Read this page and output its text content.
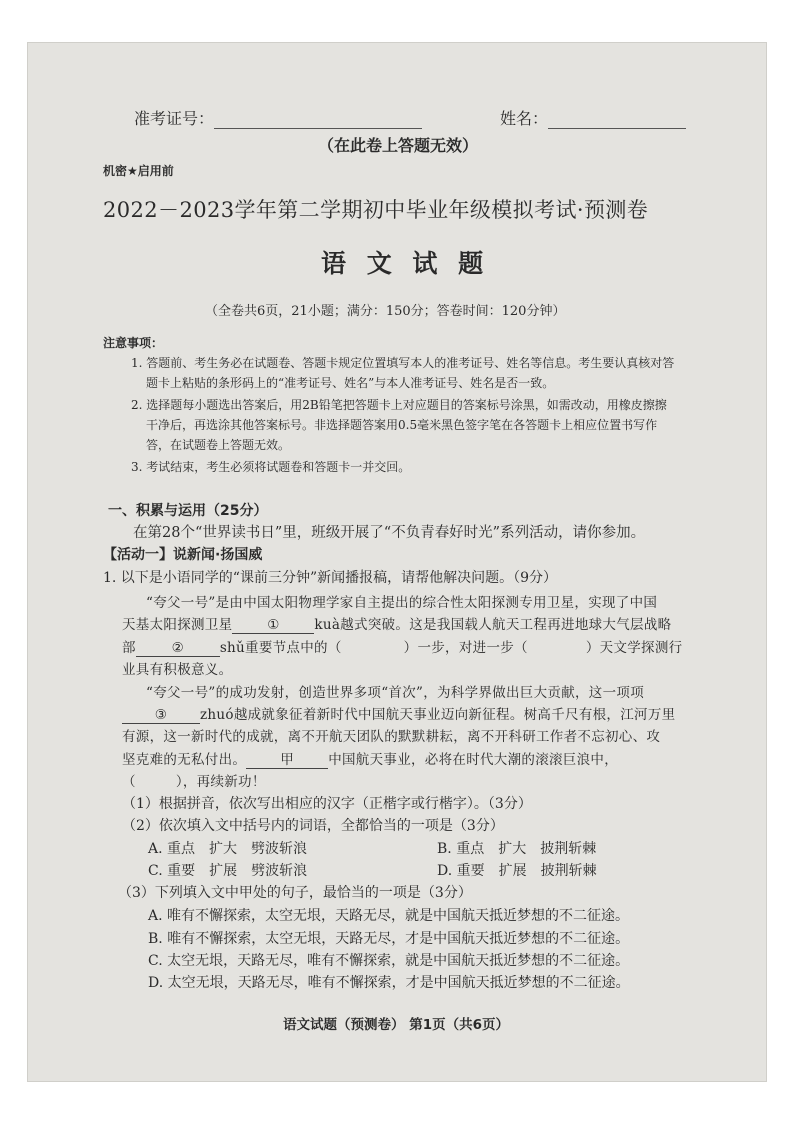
准考证号：	姓名：
（在此卷上答题无效）
机密★启用前
2022－2023学年第二学期初中毕业年级模拟考试·预测卷
语 文 试 题
（全卷共6页，21小题；满分：150分；答卷时间：120分钟）
注意事项：
1. 答题前、考生务必在试题卷、答题卡规定位置填写本人的准考证号、姓名等信息。考生要认真核对答
题卡上粘贴的条形码上的“准考证号、姓名”与本人准考证号、姓名是否一致。
2. 选择题每小题选出答案后，用2B铅笔把答题卡上对应题目的答案标号涂黑，如需改动，用橡皮擦擦
干净后，再选涂其他答案标号。非选择题答案用0.5毫米黑色签字笔在各答题卡上相应位置书写作
答，在试题卷上答题无效。
3. 考试结束，考生必须将试题卷和答题卡一并交回。
一、积累与运用（25分）
在第28个“世界读书日”里，班级开展了“不负青春好时光”系列活动，请你参加。
【活动一】说新闻·扬国威
1. 以下是小语同学的“课前三分钟”新闻播报稿，请帮他解决问题。（9分）
“夸父一号”是由中国太阳物理学家自主提出的综合性太阳探测专用卫星，实现了中国
天基太阳探测卫星	①	kuà越式突破。这是我国载人航天工程再进地球大气层战略
部	②	shǔ重要节点中的（	）一步，对进一步（	）天文学探测行
业具有积极意义。
“夸父一号”的成功发射，创造世界多项“首次”，为科学界做出巨大贡献，这一项项
③ zhuó越成就象征着新时代中国航天事业迈向新征程。树高千尺有根，江河万里
有源，这一新时代的成就，离不开航天团队的默默耕耘，离不开科研工作者不忘初心、攻
坚克难的无私付出。	甲	中国航天事业，必将在时代大潮的滚滚巨浪中，
（	），再续新功！
（1）根据拼音，依次写出相应的汉字（正楷字或行楷字）。（3分）
（2）依次填入文中括号内的词语，全都恰当的一项是（3分）
A. 重点　扩大　劈波斩浪	B. 重点　扩大　披荆斩棘
C. 重要　扩展　劈波斩浪	D. 重要　扩展　披荆斩棘
（3）下列填入文中甲处的句子，最恰当的一项是（3分）
A. 唯有不懈探索，太空无垠，天路无尽，就是中国航天抵近梦想的不二征途。
B. 唯有不懈探索，太空无垠，天路无尽，才是中国航天抵近梦想的不二征途。
C. 太空无垠，天路无尽，唯有不懈探索，就是中国航天抵近梦想的不二征途。
D. 太空无垠，天路无尽，唯有不懈探索，才是中国航天抵近梦想的不二征途。
语文试题（预测卷） 第1页（共6页）
